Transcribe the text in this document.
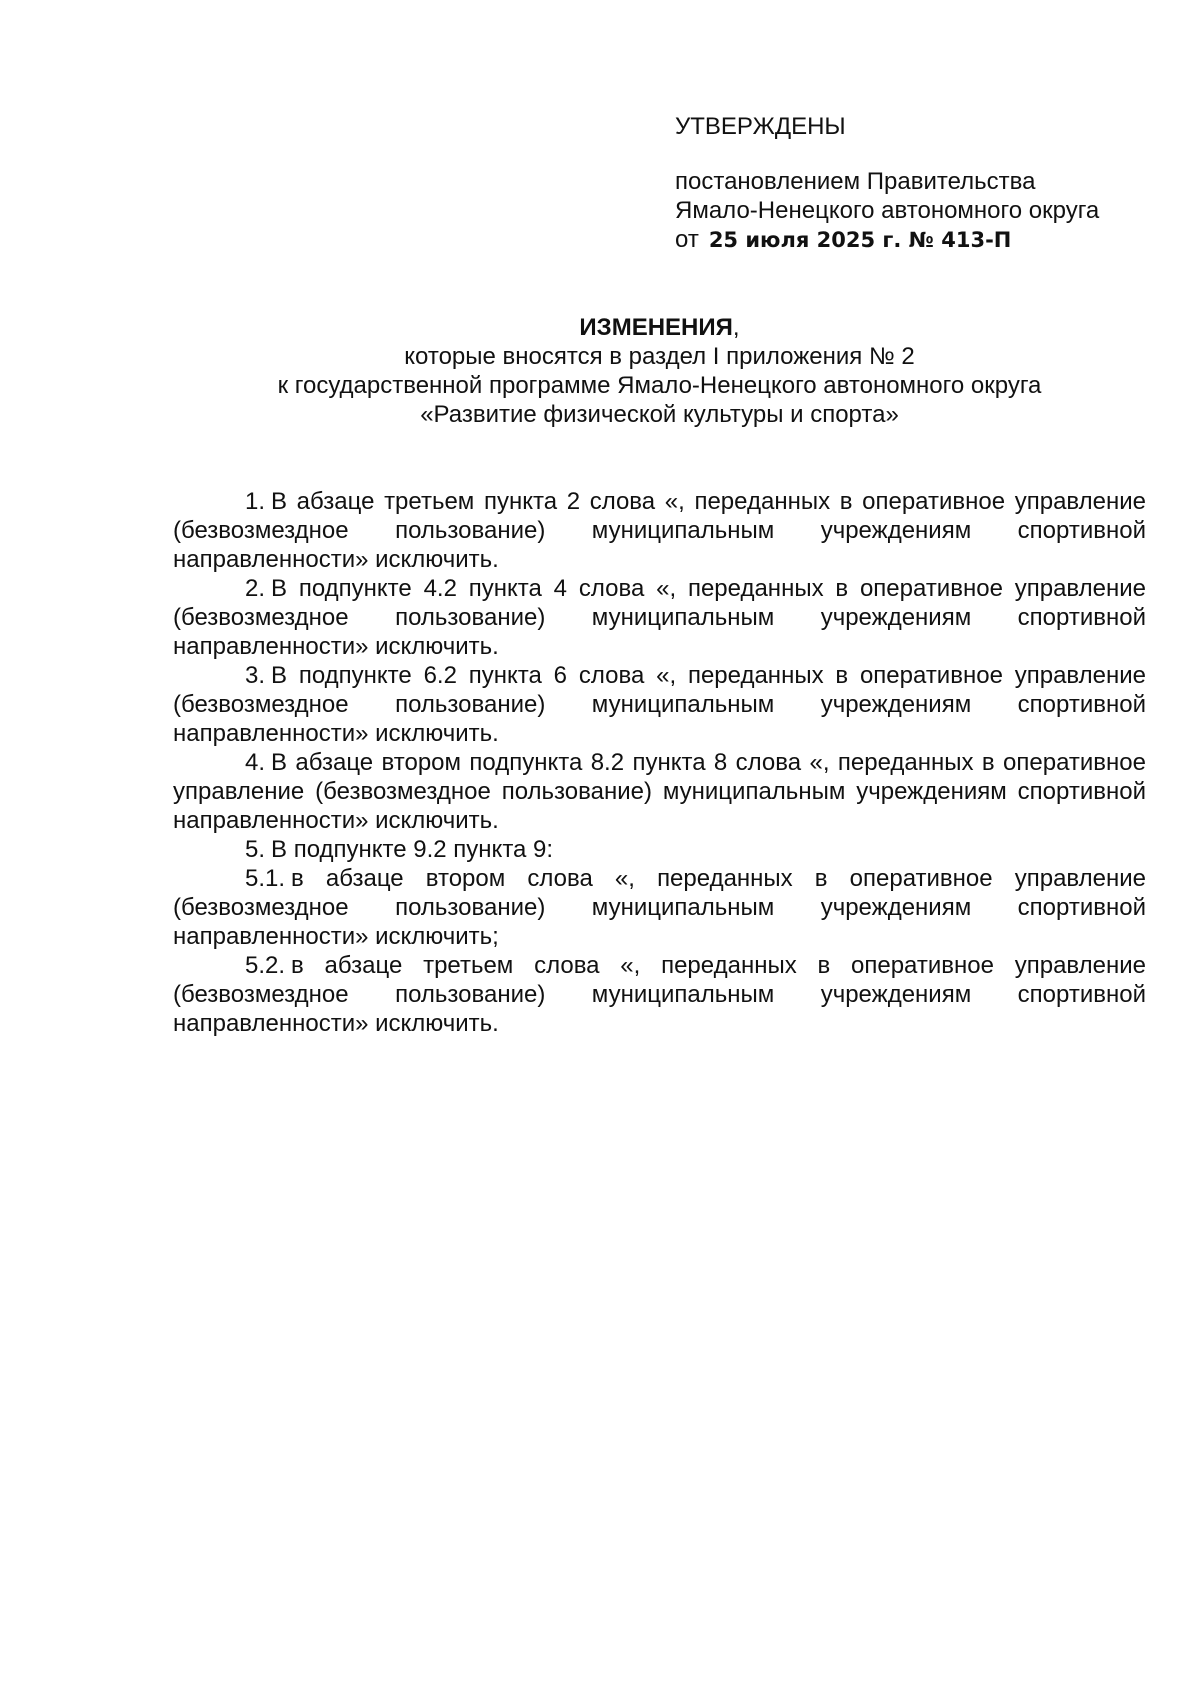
УТВЕРЖДЕНЫ
постановлением Правительства
Ямало-Ненецкого автономного округа
от 25 июля 2025 г. № 413-П
ИЗМЕНЕНИЯ,
которые вносятся в раздел I приложения № 2
к государственной программе Ямало-Ненецкого автономного округа
«Развитие физической культуры и спорта»

1. В абзаце третьем пункта 2 слова «, переданных в оперативное управление (безвозмездное пользование) муниципальным учреждениям спортивной направленности» исключить.

2. В подпункте 4.2 пункта 4 слова «, переданных в оперативное управление (безвозмездное пользование) муниципальным учреждениям спортивной направленности» исключить.

3. В подпункте 6.2 пункта 6 слова «, переданных в оперативное управление (безвозмездное пользование) муниципальным учреждениям спортивной направленности» исключить.

4. В абзаце втором подпункта 8.2 пункта 8 слова «, переданных в оперативное управление (безвозмездное пользование) муниципальным учреждениям спортивной направленности» исключить.

5. В подпункте 9.2 пункта 9:

5.1. в абзаце втором слова «, переданных в оперативное управление (безвозмездное пользование) муниципальным учреждениям спортивной направленности» исключить;

5.2. в абзаце третьем слова «, переданных в оперативное управление (безвозмездное пользование) муниципальным учреждениям спортивной направленности» исключить.
